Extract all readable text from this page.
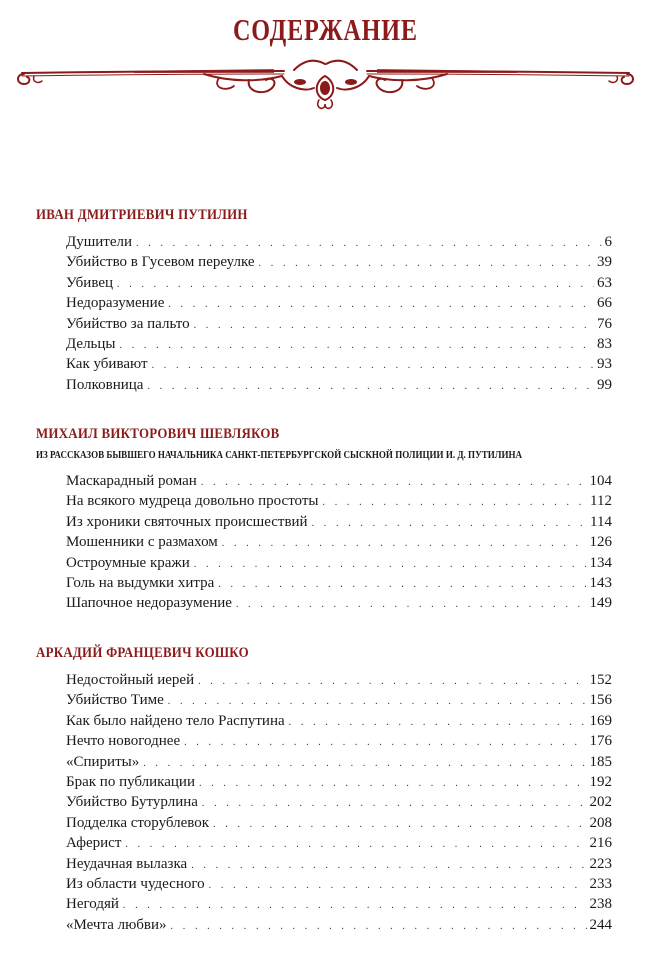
СОДЕРЖАНИЕ
ИВАН ДМИТРИЕВИЧ ПУТИЛИН
Душители . . .	6
Убийство в Гусевом переулке . . .	39
Убивец . . .	63
Недоразумение . . .	66
Убийство за пальто . . .	76
Дельцы . . .	83
Как убивают . . .	93
Полковница . . .	99
МИХАИЛ ВИКТОРОВИЧ ШЕВЛЯКОВ
ИЗ РАССКАЗОВ БЫВШЕГО НАЧАЛЬНИКА САНКТ-ПЕТЕРБУРГСКОЙ СЫСКНОЙ ПОЛИЦИИ И. Д. ПУТИЛИНА
Маскарадный роман . . .	104
На всякого мудреца довольно простоты . . .	112
Из хроники святочных происшествий . . .	114
Мошенники с размахом . . .	126
Остроумные кражи . . .	134
Голь на выдумки хитра . . .	143
Шапочное недоразумение . . .	149
АРКАДИЙ ФРАНЦЕВИЧ КОШКО
Недостойный иерей . . .	152
Убийство Тиме . . .	156
Как было найдено тело Распутина . . .	169
Нечто новогоднее . . .	176
«Спириты» . . .	185
Брак по публикации . . .	192
Убийство Бутурлина . . .	202
Подделка сторублевок . . .	208
Аферист . . .	216
Неудачная вылазка . . .	223
Из области чудесного . . .	233
Негодяй . . .	238
«Мечта любви» . . .	244
